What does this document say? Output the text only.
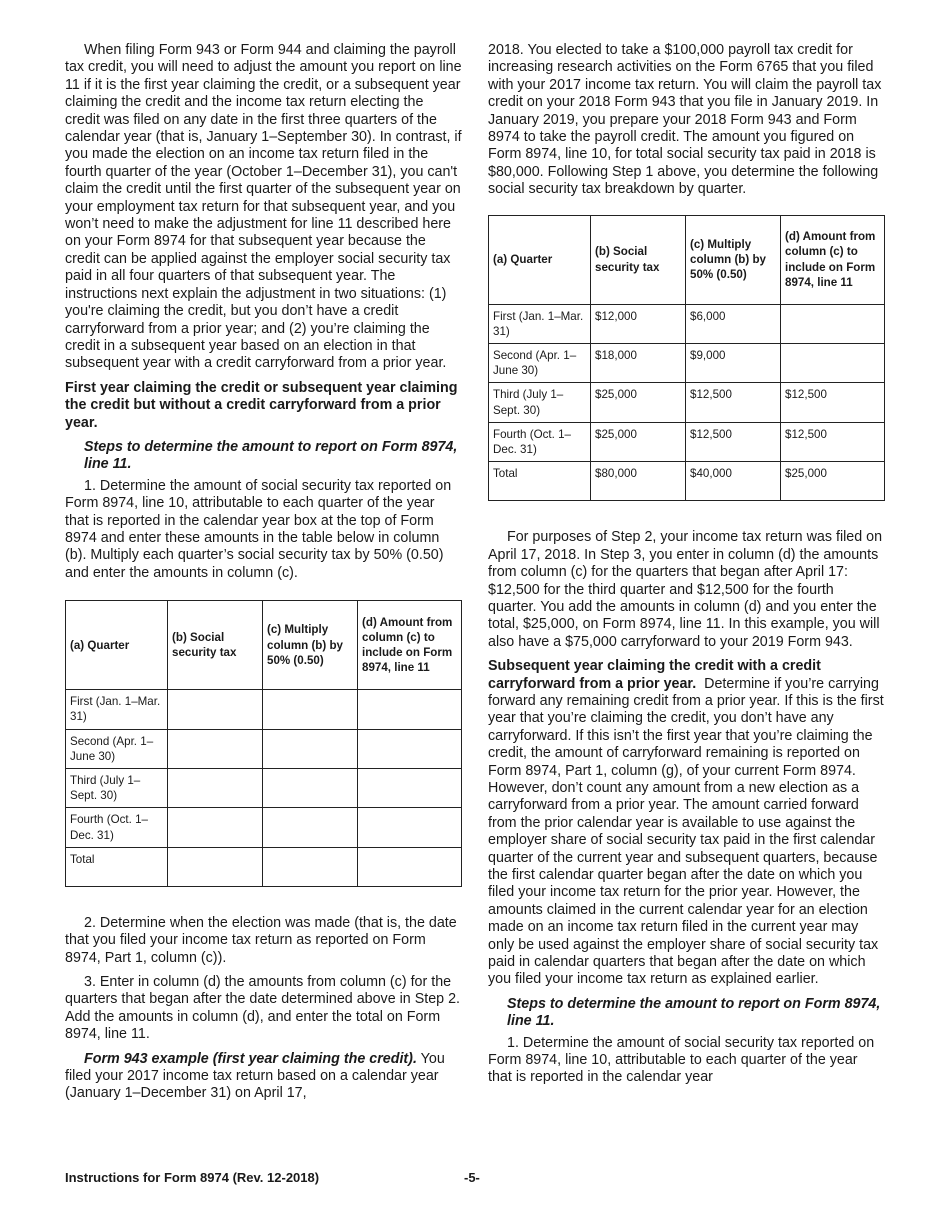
When filing Form 943 or Form 944 and claiming the payroll tax credit, you will need to adjust the amount you report on line 11 if it is the first year claiming the credit, or a subsequent year claiming the credit and the income tax return electing the credit was filed on any date in the first three quarters of the calendar year (that is, January 1–September 30). In contrast, if you made the election on an income tax return filed in the fourth quarter of the year (October 1–December 31), you can't claim the credit until the first quarter of the subsequent year on your employment tax return for that subsequent year, and you won’t need to make the adjustment for line 11 described here on your Form 8974 for that subsequent year because the credit can be applied against the employer social security tax paid in all four quarters of that subsequent year. The instructions next explain the adjustment in two situations: (1) you're claiming the credit, but you don’t have a credit carryforward from a prior year; and (2) you’re claiming the credit in a subsequent year based on an election in that subsequent year with a credit carryforward from a prior year.

First year claiming the credit or subsequent year claiming the credit but without a credit carryforward from a prior year.
Steps to determine the amount to report on Form 8974, line 11.

1. Determine the amount of social security tax reported on Form 8974, line 10, attributable to each quarter of the year that is reported in the calendar year box at the top of Form 8974 and enter these amounts in the table below in column (b). Multiply each quarter’s social security tax by 50% (0.50) and enter the amounts in column (c).

(a) Quarter	(b) Social security tax	(c) Multiply column (b) by 50% (0.50)	(d) Amount from column (c) to include on Form 8974, line 11
First (Jan. 1–Mar. 31)			
Second (Apr. 1–June 30)			
Third (July 1–Sept. 30)			
Fourth (Oct. 1–Dec. 31)			
Total			

2. Determine when the election was made (that is, the date that you filed your income tax return as reported on Form 8974, Part 1, column (c)).

3. Enter in column (d) the amounts from column (c) for the quarters that began after the date determined above in Step 2. Add the amounts in column (d), and enter the total on Form 8974, line 11.

Form 943 example (first year claiming the credit). You filed your 2017 income tax return based on a calendar year (January 1–December 31) on April 17,

2018. You elected to take a $100,000 payroll tax credit for increasing research activities on the Form 6765 that you filed with your 2017 income tax return. You will claim the payroll tax credit on your 2018 Form 943 that you file in January 2019. In January 2019, you prepare your 2018 Form 943 and Form 8974 to take the payroll credit. The amount you figured on Form 8974, line 10, for total social security tax paid in 2018 is $80,000. Following Step 1 above, you determine the following social security tax breakdown by quarter.

(a) Quarter	(b) Social security tax	(c) Multiply column (b) by 50% (0.50)	(d) Amount from column (c) to include on Form 8974, line 11
First (Jan. 1–Mar. 31)	$12,000	$6,000	
Second (Apr. 1–June 30)	$18,000	$9,000	
Third (July 1–Sept. 30)	$25,000	$12,500	$12,500
Fourth (Oct. 1–Dec. 31)	$25,000	$12,500	$12,500
Total	$80,000	$40,000	$25,000

For purposes of Step 2, your income tax return was filed on April 17, 2018. In Step 3, you enter in column (d) the amounts from column (c) for the quarters that began after April 17: $12,500 for the third quarter and $12,500 for the fourth quarter. You add the amounts in column (d) and you enter the total, $25,000, on Form 8974, line 11. In this example, you will also have a $75,000 carryforward to your 2019 Form 943.

Subsequent year claiming the credit with a credit carryforward from a prior year. Determine if you’re carrying forward any remaining credit from a prior year. If this is the first year that you’re claiming the credit, you don’t have any carryforward. If this isn’t the first year that you’re claiming the credit, the amount of carryforward remaining is reported on Form 8974, Part 1, column (g), of your current Form 8974. However, don’t count any amount from a new election as a carryforward from a prior year. The amount carried forward from the prior calendar year is available to use against the employer share of social security tax paid in the first calendar quarter of the current year and subsequent quarters, because the first calendar quarter began after the date on which you filed your income tax return for the prior year. However, the amounts claimed in the current calendar year for an election made on an income tax return filed in the current year may only be used against the employer share of social security tax paid in calendar quarters that began after the date on which you filed your income tax return as explained earlier.

Steps to determine the amount to report on Form 8974, line 11.

1. Determine the amount of social security tax reported on Form 8974, line 10, attributable to each quarter of the year that is reported in the calendar year

Instructions for Form 8974 (Rev. 12-2018)	-5-
